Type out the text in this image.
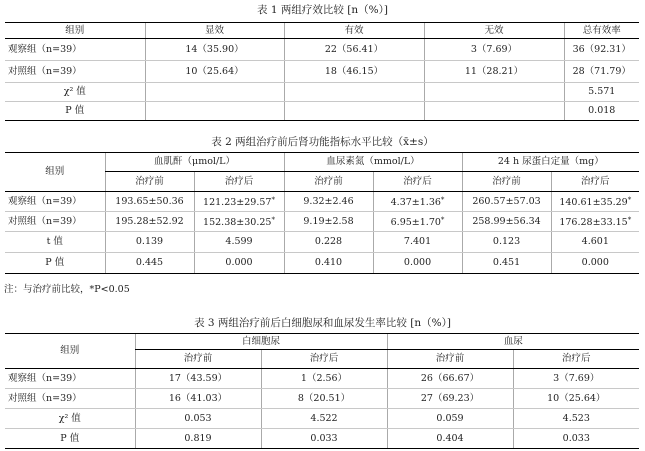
表 1 两组疗效比较 [n（%）]
组别	显效	有效	无效	总有效率
观察组（n=39）	14（35.90）	22（56.41）	3（7.69）	36（92.31）
对照组（n=39）	10（25.64）	18（46.15）	11（28.21）	28（71.79）
χ² 值				5.571
P 值				0.018
表 2 两组治疗前后肾功能指标水平比较（x̄±s）
组别	血肌酐（μmol/L）		血尿素氮（mmol/L）		24 h 尿蛋白定量（mg）	
	治疗前	治疗后	治疗前	治疗后	治疗前	治疗后
观察组（n=39）	193.65±50.36	121.23±29.57*	9.32±2.46	4.37±1.36*	260.57±57.03	140.61±35.29*
对照组（n=39）	195.28±52.92	152.38±30.25*	9.19±2.58	6.95±1.70*	258.99±56.34	176.28±33.15*
t 值	0.139	4.599	0.228	7.401	0.123	4.601
P 值	0.445	0.000	0.410	0.000	0.451	0.000
注：与治疗前比较，*P<0.05
表 3 两组治疗前后白细胞尿和血尿发生率比较 [n（%）]
组别	白细胞尿		血尿	
	治疗前	治疗后	治疗前	治疗后
观察组（n=39）	17（43.59）	1（2.56）	26（66.67）	3（7.69）
对照组（n=39）	16（41.03）	8（20.51）	27（69.23）	10（25.64）
χ² 值	0.053	4.522	0.059	4.523
P 值	0.819	0.033	0.404	0.033
